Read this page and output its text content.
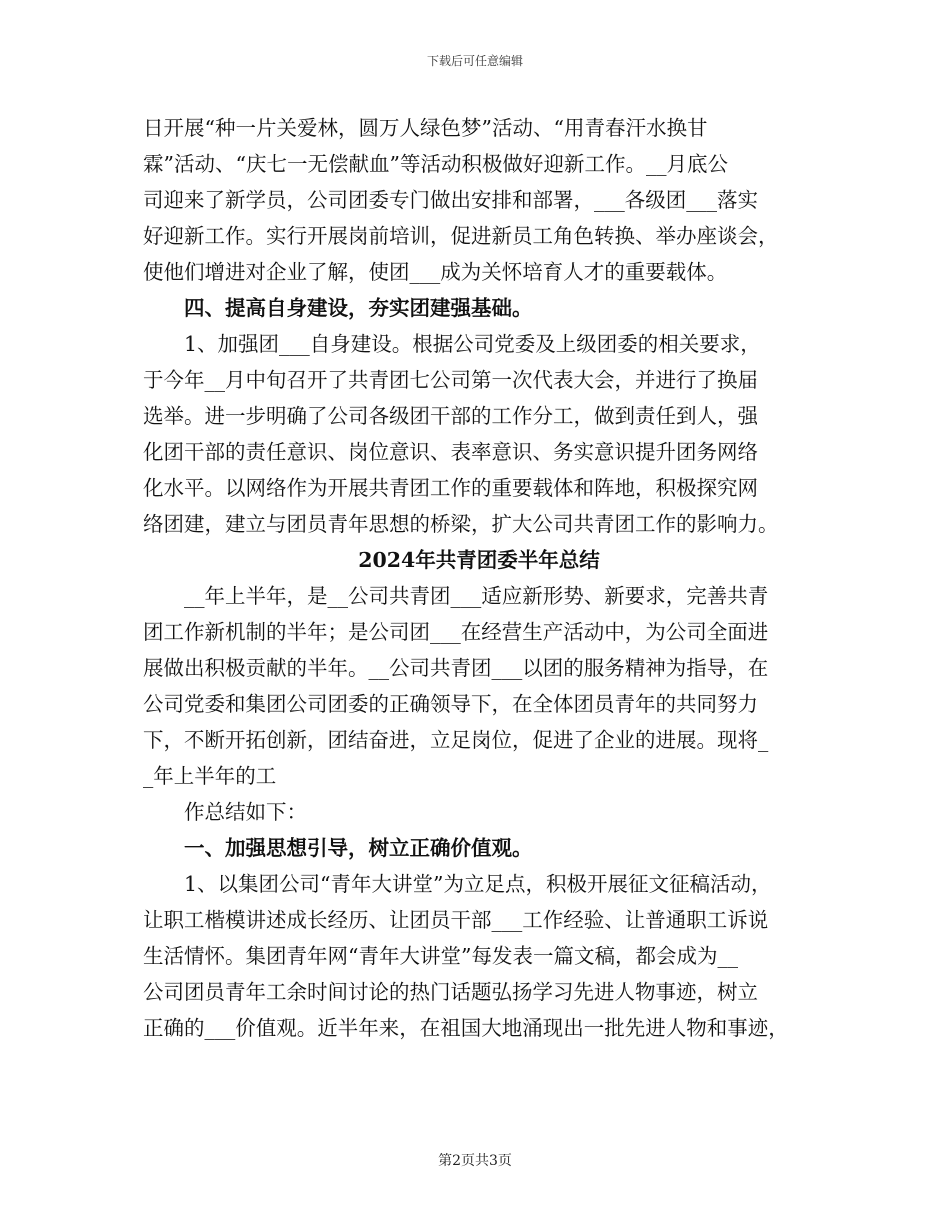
下载后可任意编辑
日开展“种一片关爱林，圆万人绿色梦”活动、“用青春汗水换甘
霖”活动、“庆七一无偿献血”等活动积极做好迎新工作。__月底公
司迎来了新学员，公司团委专门做出安排和部署，___各级团___落实
好迎新工作。实行开展岗前培训，促进新员工角色转换、举办座谈会，
使他们增进对企业了解，使团___成为关怀培育人才的重要载体。
四、提高自身建设，夯实团建强基础。
1、加强团___自身建设。根据公司党委及上级团委的相关要求，
于今年__月中旬召开了共青团七公司第一次代表大会，并进行了换届
选举。进一步明确了公司各级团干部的工作分工，做到责任到人，强
化团干部的责任意识、岗位意识、表率意识、务实意识提升团务网络
化水平。以网络作为开展共青团工作的重要载体和阵地，积极探究网
络团建，建立与团员青年思想的桥梁，扩大公司共青团工作的影响力。
2024年共青团委半年总结
__年上半年，是__公司共青团___适应新形势、新要求，完善共青
团工作新机制的半年；是公司团___在经营生产活动中，为公司全面进
展做出积极贡献的半年。__公司共青团___以团的服务精神为指导，在
公司党委和集团公司团委的正确领导下，在全体团员青年的共同努力
下，不断开拓创新，团结奋进，立足岗位，促进了企业的进展。现将_
_年上半年的工
作总结如下：
一、加强思想引导，树立正确价值观。
1、以集团公司“青年大讲堂”为立足点，积极开展征文征稿活动，
让职工楷模讲述成长经历、让团员干部___工作经验、让普通职工诉说
生活情怀。集团青年网“青年大讲堂”每发表一篇文稿，都会成为__
公司团员青年工余时间讨论的热门话题弘扬学习先进人物事迹，树立
正确的___价值观。近半年来，在祖国大地涌现出一批先进人物和事迹，
第2页共3页
